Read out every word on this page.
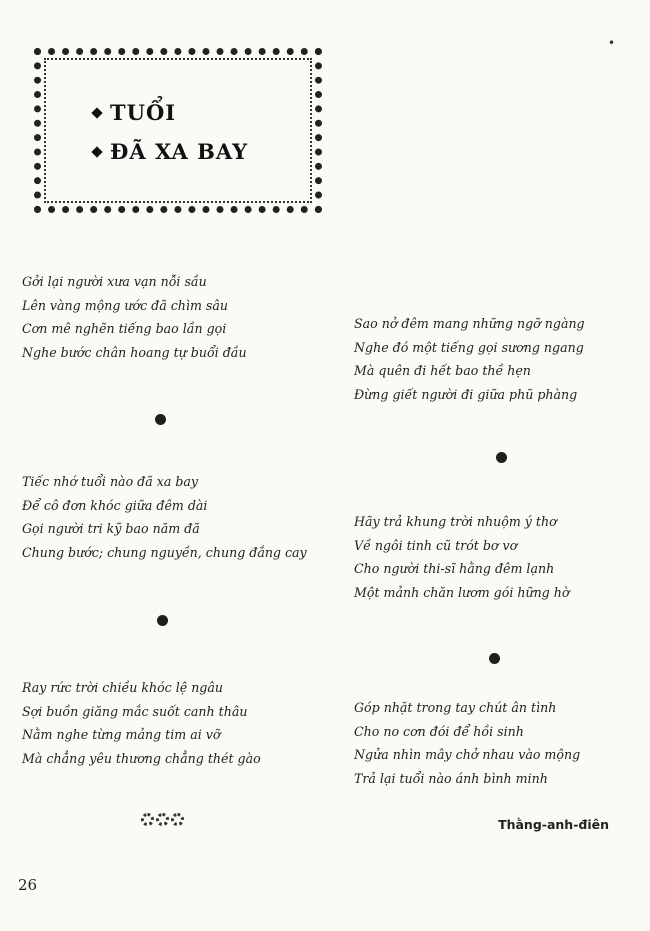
•
TUỔI
ĐÃ XA BAY
Gởi lại người xưa vạn nỗi sầu
Lên vàng mộng ước đã chìm sâu
Cơn mê nghẽn tiếng bao lần gọi
Nghe bước chân hoang tự buổi đầu
Tiếc nhớ tuổi nào đã xa bay
Để cô đơn khóc giữa đêm dài
Gọi người tri kỹ bao năm đã
Chung bước; chung nguyền, chung đắng cay
Ray rức trời chiều khóc lệ ngâu
Sợi buồn giăng mắc suốt canh thâu
Nằm nghe từng mảng tim ai vỡ
Mà chẳng yêu thương chẳng thét gào
Sao nở đêm mang những ngỡ ngàng
Nghe đó một tiếng gọi sương ngang
Mà quên đi hết bao thề hẹn
Đừng giết người đi giữa phũ phàng
Hãy trả khung trời nhuộm ý thơ
Về ngôi tinh cũ trót bơ vơ
Cho người thi-sĩ hằng đêm lạnh
Một mảnh chăn lươm gói hững hờ
Góp nhặt trong tay chút ân tình
Cho no cơn đói để hồi sinh
Ngửa nhìn mây chở nhau vào mộng
Trả lại tuổi nào ánh bình minh
Thằng-anh-điên
26
